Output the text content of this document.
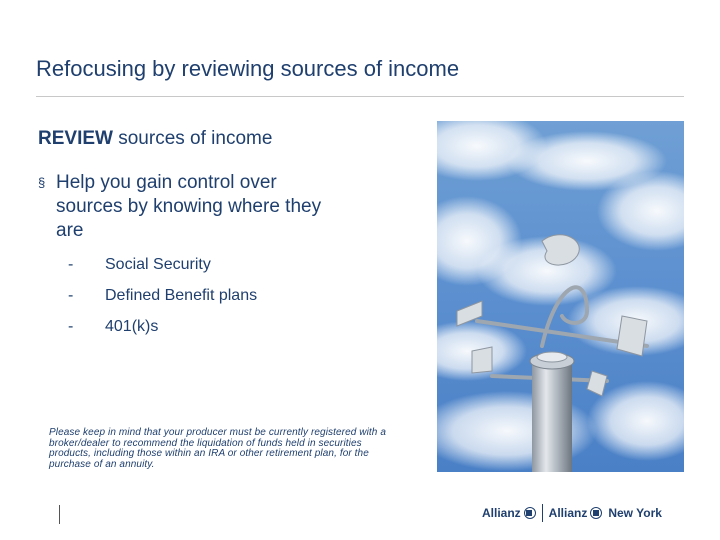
Refocusing by reviewing sources of income
REVIEW sources of income
§ Help you gain control over sources by knowing where they are
- Social Security
- Defined Benefit plans
- 401(k)s

Please keep in mind that your producer must be currently registered with a broker/dealer to recommend the liquidation of funds held in securities products, including those within an IRA or other retirement plan, for the purchase of an annuity.

Allianz Allianz New York
